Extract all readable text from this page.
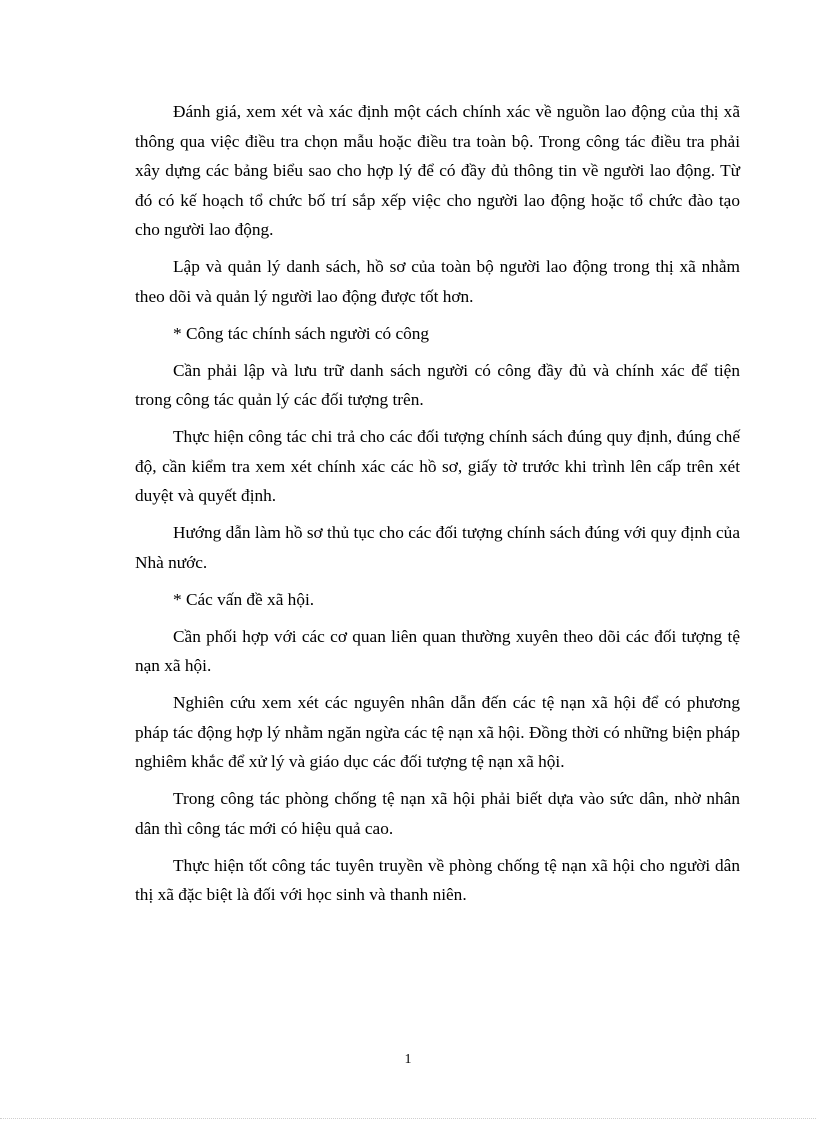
Đánh giá, xem xét và xác định một cách chính xác về nguồn lao động của thị xã thông qua việc điều tra chọn mẫu hoặc điều tra toàn bộ. Trong công tác điều tra phải xây dựng các bảng biểu sao cho hợp lý để có đầy đủ thông tin về người lao động. Từ đó có kế hoạch tổ chức bố trí sắp xếp việc cho người lao động hoặc tổ chức đào tạo cho người lao động.

Lập và quản lý danh sách, hồ sơ của toàn bộ người lao động trong thị xã nhằm theo dõi và quản lý người lao động được tốt hơn.

* Công tác chính sách người có công

Cần phải lập và lưu trữ danh sách người có công đầy đủ và chính xác để tiện trong công tác quản lý các đối tượng trên.

Thực hiện công tác chi trả cho các đối tượng chính sách đúng quy định, đúng chế độ, cần kiểm tra xem xét chính xác các hồ sơ, giấy tờ trước khi trình lên cấp trên xét duyệt và quyết định.

Hướng dẫn làm hồ sơ thủ tục cho các đối tượng chính sách đúng với quy định của Nhà nước.

* Các vấn đề xã hội.

Cần phối hợp với các cơ quan liên quan thường xuyên theo dõi các đối tượng tệ nạn xã hội.

Nghiên cứu xem xét các nguyên nhân dẫn đến các tệ nạn xã hội để có phương pháp tác động hợp lý nhằm ngăn ngừa các tệ nạn xã hội. Đồng thời có những biện pháp nghiêm khắc để xử lý và giáo dục các đối tượng tệ nạn xã hội.

Trong công tác phòng chống tệ nạn xã hội phải biết dựa vào sức dân, nhờ nhân dân thì công tác mới có hiệu quả cao.

Thực hiện tốt công tác tuyên truyền về phòng chống tệ nạn xã hội cho người dân thị xã đặc biệt là đối với học sinh và thanh niên.

1
